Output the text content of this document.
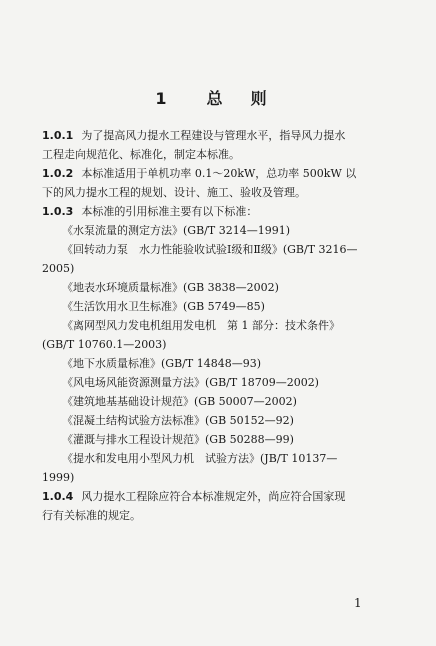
1	总 则
1.0.1 为了提高风力提水工程建设与管理水平，指导风力提水
工程走向规范化、标准化，制定本标准。
1.0.2 本标准适用于单机功率 0.1～20kW，总功率 500kW 以
下的风力提水工程的规划、设计、施工、验收及管理。
1.0.3 本标准的引用标准主要有以下标准：
《水泵流量的测定方法》(GB/T 3214—1991)
《回转动力泵　水力性能验收试验Ⅰ级和Ⅱ级》(GB/T 3216—
2005)
《地表水环境质量标准》(GB 3838—2002)
《生活饮用水卫生标准》(GB 5749—85)
《离网型风力发电机组用发电机　第 1 部分：技术条件》
(GB/T 10760.1—2003)
《地下水质量标准》(GB/T 14848—93)
《风电场风能资源测量方法》(GB/T 18709—2002)
《建筑地基基础设计规范》(GB 50007—2002)
《混凝土结构试验方法标准》(GB 50152—92)
《灌溉与排水工程设计规范》(GB 50288—99)
《提水和发电用小型风力机　试验方法》(JB/T 10137—
1999)
1.0.4 风力提水工程除应符合本标准规定外，尚应符合国家现
行有关标准的规定。
1
